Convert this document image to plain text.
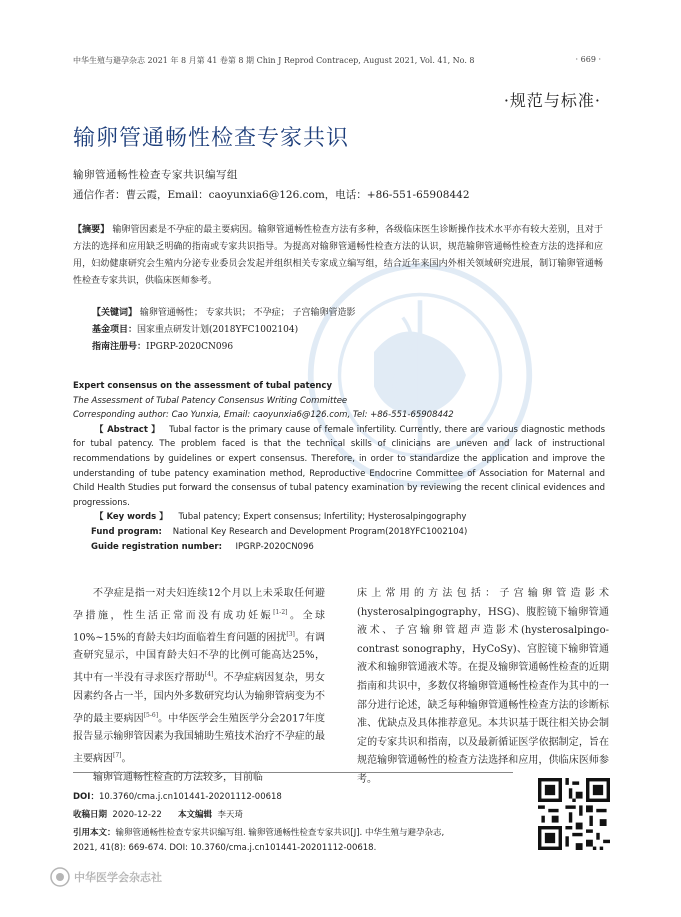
中华生殖与避孕杂志 2021 年 8 月第 41 卷第 8 期 Chin J Reprod Contracep, August 2021, Vol. 41, No. 8	· 669 ·
·规范与标准·
输卵管通畅性检查专家共识
输卵管通畅性检查专家共识编写组
通信作者：曹云霞，Email：caoyunxia6@126.com，电话：+86-551-65908442
【摘要】 输卵管因素是不孕症的最主要病因。输卵管通畅性检查方法有多种，各级临床医生诊断操作技术水平亦有较大差别，且对于方法的选择和应用缺乏明确的指南或专家共识指导。为提高对输卵管通畅性检查方法的认识，规范输卵管通畅性检查方法的选择和应用，妇幼健康研究会生殖内分泌专业委员会发起并组织相关专家成立编写组，结合近年来国内外相关领域研究进展，制订输卵管通畅性检查专家共识，供临床医师参考。
【关键词】 输卵管通畅性； 专家共识； 不孕症； 子宫输卵管造影
基金项目：国家重点研发计划(2018YFC1002104)
指南注册号：IPGRP-2020CN096
Expert consensus on the assessment of tubal patency
The Assessment of Tubal Patency Consensus Writing Committee
Corresponding author: Cao Yunxia, Email: caoyunxia6@126.com, Tel: +86-551-65908442
【 Abstract 】 Tubal factor is the primary cause of female infertility. Currently, there are various diagnostic methods for tubal patency. The problem faced is that the technical skills of clinicians are uneven and lack of instructional recommendations by guidelines or expert consensus. Therefore, in order to standardize the application and improve the understanding of tube patency examination method, Reproductive Endocrine Committee of Association for Maternal and Child Health Studies put forward the consensus of tubal patency examination by reviewing the recent clinical evidences and progressions.
【 Key words 】 Tubal patency; Expert consensus; Infertility; Hysterosalpingography
Fund program: National Key Research and Development Program(2018YFC1002104)
Guide registration number: IPGRP-2020CN096

不孕症是指一对夫妇连续12个月以上未采取任何避孕措施，性生活正常而没有成功妊娠[1-2]。全球10%~15%的育龄夫妇均面临着生育问题的困扰[3]。有调查研究显示，中国育龄夫妇不孕的比例可能高达25%，其中有一半没有寻求医疗帮助[4]。不孕症病因复杂，男女因素约各占一半，国内外多数研究均认为输卵管病变为不孕的最主要病因[5-6]。中华医学会生殖医学分会2017年度报告显示输卵管因素为我国辅助生殖技术治疗不孕症的最主要病因[7]。

输卵管通畅性检查的方法较多，目前临

床上常用的方法包括：子宫输卵管造影术(hysterosalpingography，HSG)、腹腔镜下输卵管通液术、子宫输卵管超声造影术(hysterosalpingo-contrast sonography，HyCoSy)、宫腔镜下输卵管通液术和输卵管通液术等。在提及输卵管通畅性检查的近期指南和共识中，多数仅将输卵管通畅性检查作为其中的一部分进行论述，缺乏每种输卵管通畅性检查方法的诊断标准、优缺点及具体推荐意见。本共识基于既往相关协会制定的专家共识和指南，以及最新循证医学依据制定，旨在规范输卵管通畅性的检查方法选择和应用，供临床医师参考。

DOI：10.3760/cma.j.cn101441-20201112-00618
收稿日期 2020-12-22 本文编辑 李天琦
引用本文：输卵管通畅性检查专家共识编写组. 输卵管通畅性检查专家共识[J]. 中华生殖与避孕杂志,
2021, 41(8): 669-674. DOI: 10.3760/cma.j.cn101441-20201112-00618.
中华医学会杂志社
